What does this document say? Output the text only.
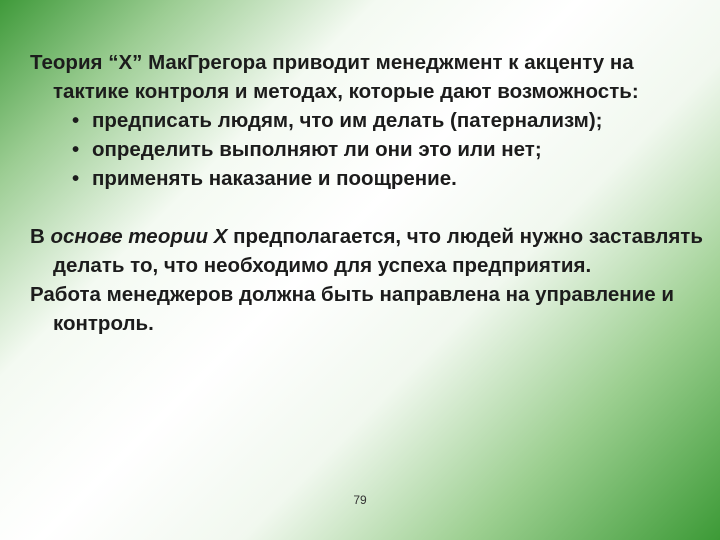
Теория “Х” МакГрегора приводит менеджмент к акценту на тактике контроля и методах, которые дают возможность:

• предписать людям, что им делать (патернализм);
• определить выполняют ли они это или нет;
• применять наказание и поощрение.

В основе теории Х предполагается, что людей нужно заставлять делать то, что необходимо для успеха предприятия.

Работа менеджеров должна быть направлена на управление и контроль.

79
